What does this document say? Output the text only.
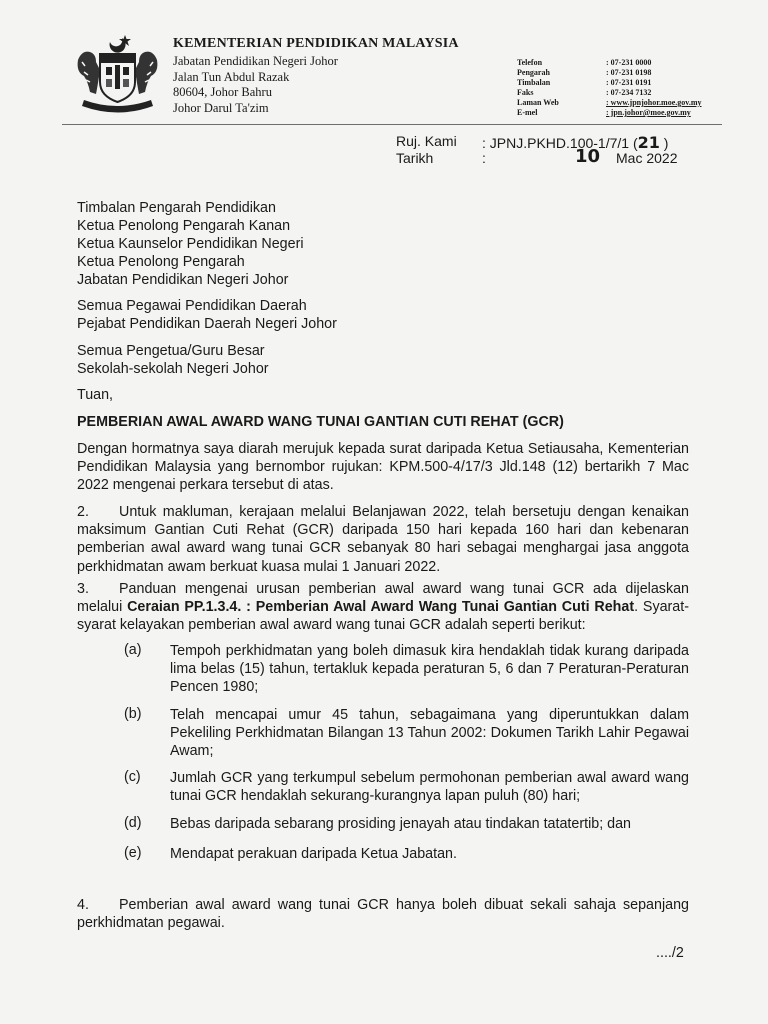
KEMENTERIAN PENDIDIKAN MALAYSIA
Jabatan Pendidikan Negeri Johor
Jalan Tun Abdul Razak
80604, Johor Bahru
Johor Darul Ta'zim
Telefon	: 07-231 0000
Pengarah	: 07-231 0198
Timbalan	: 07-231 0191
Faks	: 07-234 7132
Laman Web	: www.jpnjohor.moe.gov.my
E-mel	: jpn.johor@moe.gov.my
Ruj. Kami : JPNJ.PKHD.100-1/7/1 (21 )
Tarikh	:	10 Mac 2022
Timbalan Pengarah Pendidikan
Ketua Penolong Pengarah Kanan
Ketua Kaunselor Pendidikan Negeri
Ketua Penolong Pengarah
Jabatan Pendidikan Negeri Johor
Semua Pegawai Pendidikan Daerah
Pejabat Pendidikan Daerah Negeri Johor
Semua Pengetua/Guru Besar
Sekolah-sekolah Negeri Johor
Tuan,
PEMBERIAN AWAL AWARD WANG TUNAI GANTIAN CUTI REHAT (GCR)
Dengan hormatnya saya diarah merujuk kepada surat daripada Ketua Setiausaha, Kementerian Pendidikan Malaysia yang bernombor rujukan: KPM.500-4/17/3 Jld.148 (12) bertarikh 7 Mac 2022 mengenai perkara tersebut di atas.
2. Untuk makluman, kerajaan melalui Belanjawan 2022, telah bersetuju dengan kenaikan maksimum Gantian Cuti Rehat (GCR) daripada 150 hari kepada 160 hari dan kebenaran pemberian awal award wang tunai GCR sebanyak 80 hari sebagai menghargai jasa anggota perkhidmatan awam berkuat kuasa mulai 1 Januari 2022.
3. Panduan mengenai urusan pemberian awal award wang tunai GCR ada dijelaskan melalui Ceraian PP.1.3.4. : Pemberian Awal Award Wang Tunai Gantian Cuti Rehat. Syarat-syarat kelayakan pemberian awal award wang tunai GCR adalah seperti berikut:
(a) Tempoh perkhidmatan yang boleh dimasuk kira hendaklah tidak kurang daripada lima belas (15) tahun, tertakluk kepada peraturan 5, 6 dan 7 Peraturan-Peraturan Pencen 1980;
(b) Telah mencapai umur 45 tahun, sebagaimana yang diperuntukkan dalam Pekeliling Perkhidmatan Bilangan 13 Tahun 2002: Dokumen Tarikh Lahir Pegawai Awam;
(c) Jumlah GCR yang terkumpul sebelum permohonan pemberian awal award wang tunai GCR hendaklah sekurang-kurangnya lapan puluh (80) hari;
(d) Bebas daripada sebarang prosiding jenayah atau tindakan tatatertib; dan
(e) Mendapat perakuan daripada Ketua Jabatan.
4. Pemberian awal award wang tunai GCR hanya boleh dibuat sekali sahaja sepanjang perkhidmatan pegawai.
..../2
